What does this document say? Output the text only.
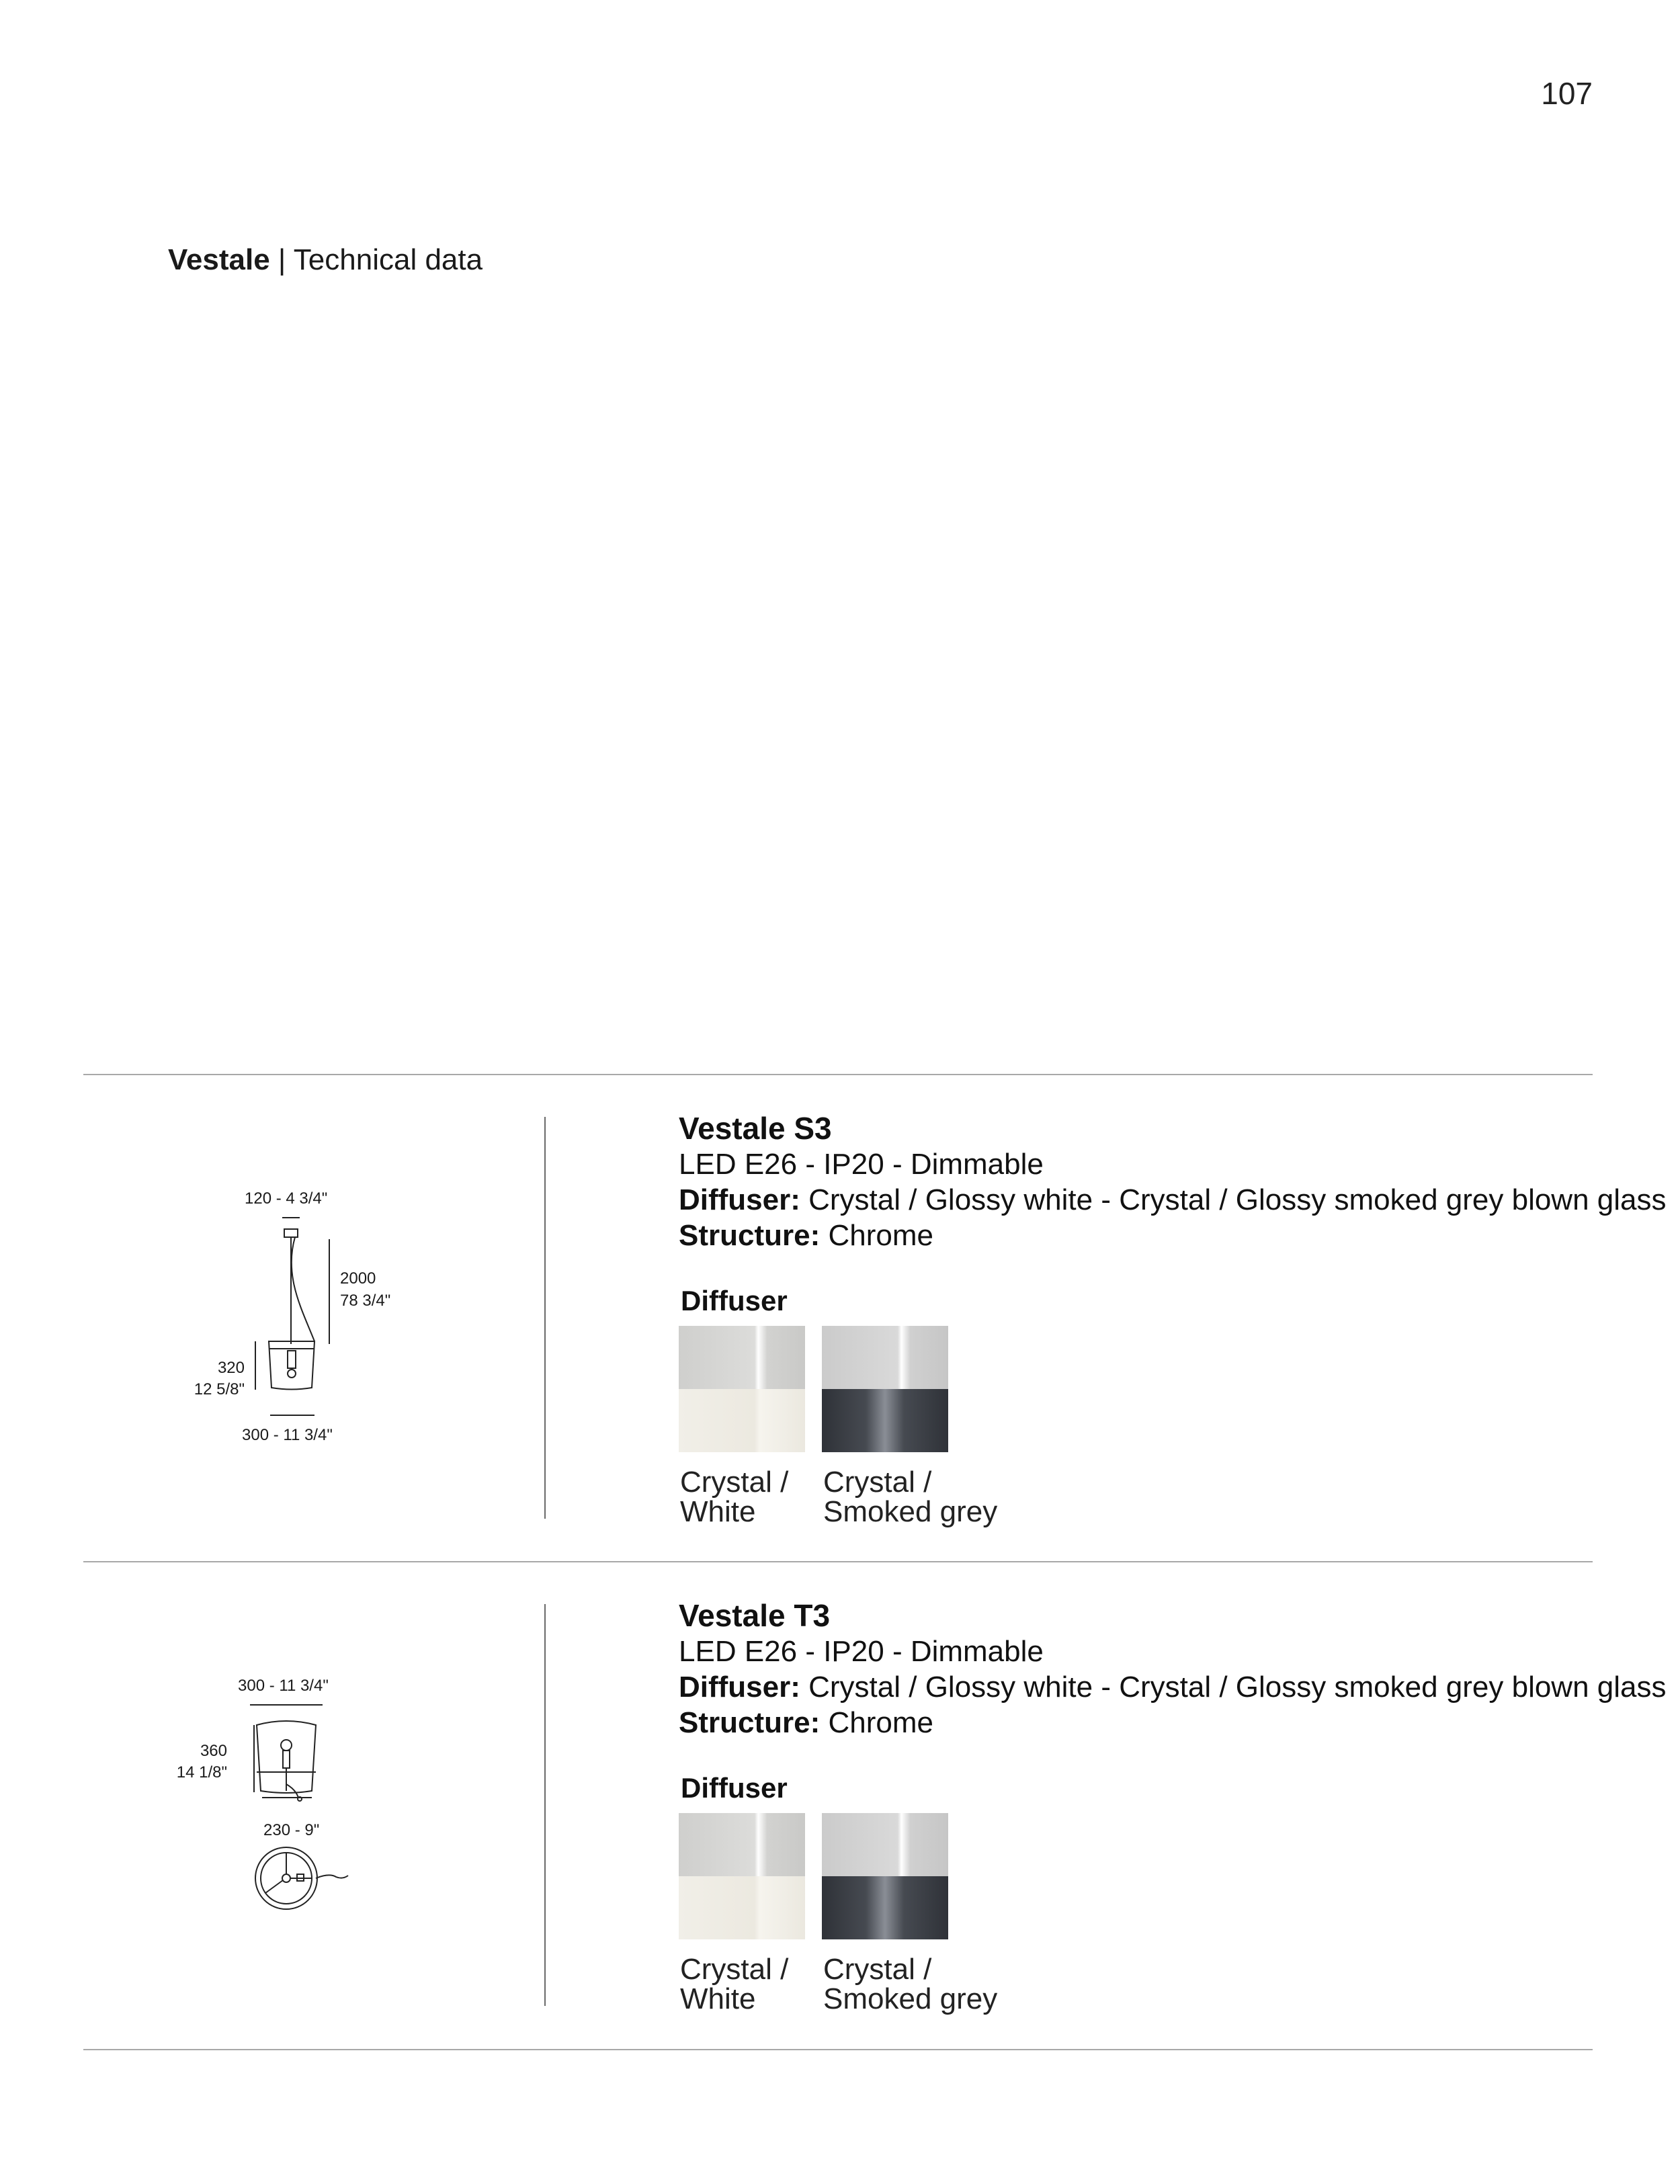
107
Vestale | Technical data
120 - 4 3/4"
2000
78 3/4"
320
12 5/8"
300 - 11 3/4"
Vestale S3
LED E26 - IP20 - Dimmable
Diffuser: Crystal / Glossy white - Crystal / Glossy smoked grey blown glass
Structure: Chrome
Diffuser
Crystal /
White
Crystal /
Smoked grey
300 - 11 3/4"
360
14 1/8"
230 - 9"
Vestale T3
LED E26 - IP20 - Dimmable
Diffuser: Crystal / Glossy white - Crystal / Glossy smoked grey blown glass
Structure: Chrome
Diffuser
Crystal /
White
Crystal /
Smoked grey
